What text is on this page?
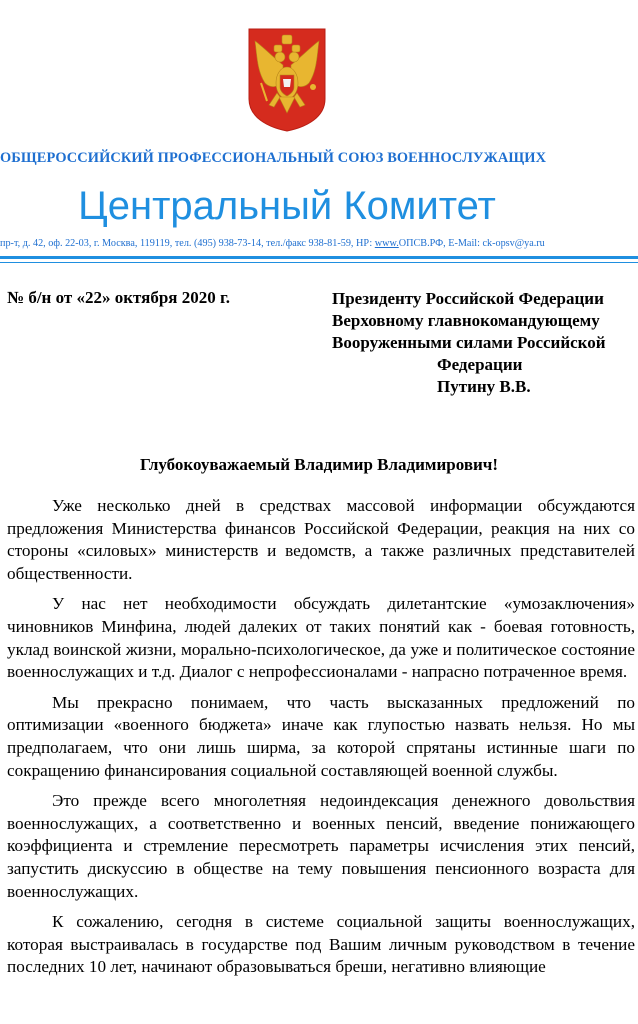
ОБЩЕРОССИЙСКИЙ ПРОФЕССИОНАЛЬНЫЙ СОЮЗ ВОЕННОСЛУЖАЩИХ
Центральный Комитет
пр-т, д. 42, оф. 22-03, г. Москва, 119119, тел. (495) 938-73-14, тел./факс 938-81-59, НР: www.ОПСВ.РФ, E-Mail: ck-opsv@ya.ru
№ б/н от «22» октября 2020 г.	Президенту Российской Федерации
Верховному главнокомандующему
Вооруженными силами Российской
Федерации
Путину В.В.
Глубокоуважаемый Владимир Владимирович!

Уже несколько дней в средствах массовой информации обсуждаются предложения Министерства финансов Российской Федерации, реакция на них со стороны «силовых» министерств и ведомств, а также различных представителей общественности.

У нас нет необходимости обсуждать дилетантские «умозаключения» чиновников Минфина, людей далеких от таких понятий как - боевая готовность, уклад воинской жизни, морально-психологическое, да уже и политическое состояние военнослужащих и т.д. Диалог с непрофессионалами - напрасно потраченное время.

Мы прекрасно понимаем, что часть высказанных предложений по оптимизации «военного бюджета» иначе как глупостью назвать нельзя. Но мы предполагаем, что они лишь ширма, за которой спрятаны истинные шаги по сокращению финансирования социальной составляющей военной службы.

Это прежде всего многолетняя недоиндексация денежного довольствия военнослужащих, а соответственно и военных пенсий, введение понижающего коэффициента и стремление пересмотреть параметры исчисления этих пенсий, запустить дискуссию в обществе на тему повышения пенсионного возраста для военнослужащих.

К сожалению, сегодня в системе социальной защиты военнослужащих, которая выстраивалась в государстве под Вашим личным руководством в течение последних 10 лет, начинают образовываться бреши, негативно влияющие
